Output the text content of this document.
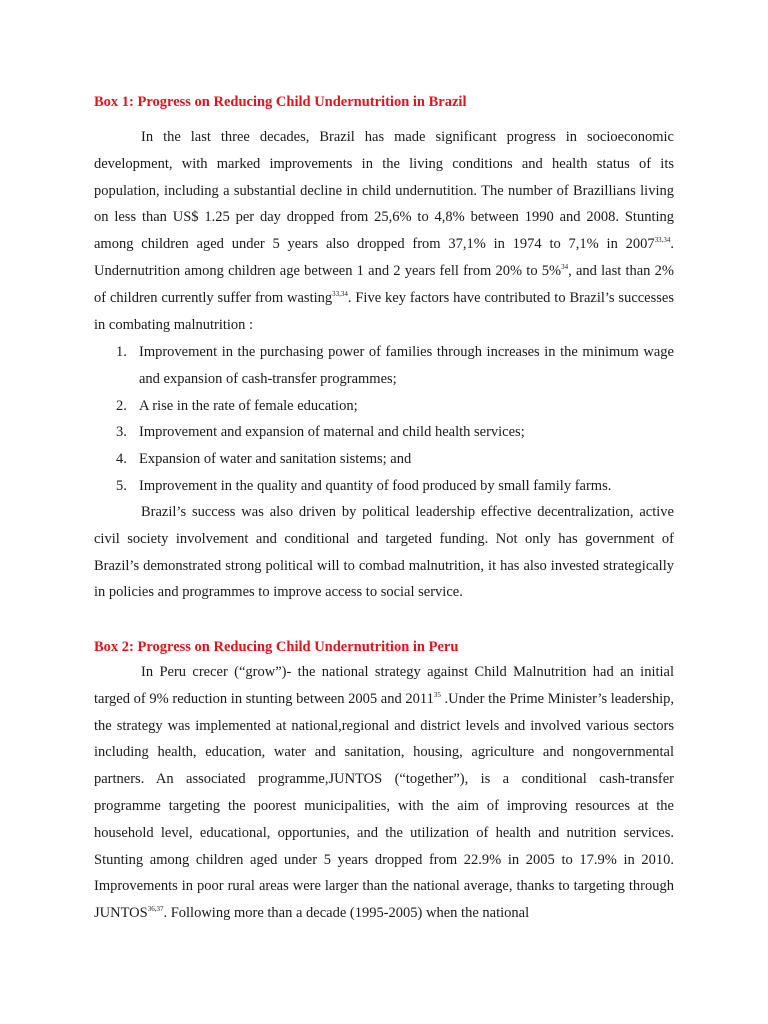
Box 1: Progress on Reducing Child Undernutrition in Brazil

In the last three decades, Brazil has made significant progress in socioeconomic development, with marked improvements in the living conditions and health status of its population, including a substantial decline in child undernutition. The number of Brazillians living on less than US$ 1.25 per day dropped from 25,6% to 4,8% between 1990 and 2008. Stunting among children aged under 5 years also dropped from 37,1% in 1974 to 7,1% in 2007$^{33,34}$. Undernutrition among children age between 1 and 2 years fell from 20% to 5%$^{34}$, and last than 2% of children currently suffer from wasting$^{33,34}$. Five key factors have contributed to Brazil’s successes in combating malnutrition :

1. Improvement in the purchasing power of families through increases in the minimum wage and expansion of cash-transfer programmes;
2. A rise in the rate of female education;
3. Improvement and expansion of maternal and child health services;
4. Expansion of water and sanitation sistems; and
5. Improvement in the quality and quantity of food produced by small family farms.

Brazil’s success was also driven by political leadership effective decentralization, active civil society involvement and conditional and targeted funding. Not only has government of Brazil’s demonstrated strong political will to combad malnutrition, it has also invested strategically in policies and programmes to improve access to social service.

Box 2: Progress on Reducing Child Undernutrition in Peru

In Peru crecer (“grow”)- the national strategy against Child Malnutrition had an initial targed of 9% reduction in stunting between 2005 and 2011$^{35}$ .Under the Prime Minister’s leadership, the strategy was implemented at national,regional and district levels and involved various sectors including health, education, water and sanitation, housing, agriculture and nongovernmental partners. An associated programme,JUNTOS (“together”), is a conditional cash-transfer programme targeting the poorest municipalities, with the aim of improving resources at the household level, educational, opportunies, and the utilization of health and nutrition services. Stunting among children aged under 5 years dropped from 22.9% in 2005 to 17.9% in 2010. Improvements in poor rural areas were larger than the national average, thanks to targeting through JUNTOS$^{36,37}$. Following more than a decade (1995-2005) when the national
